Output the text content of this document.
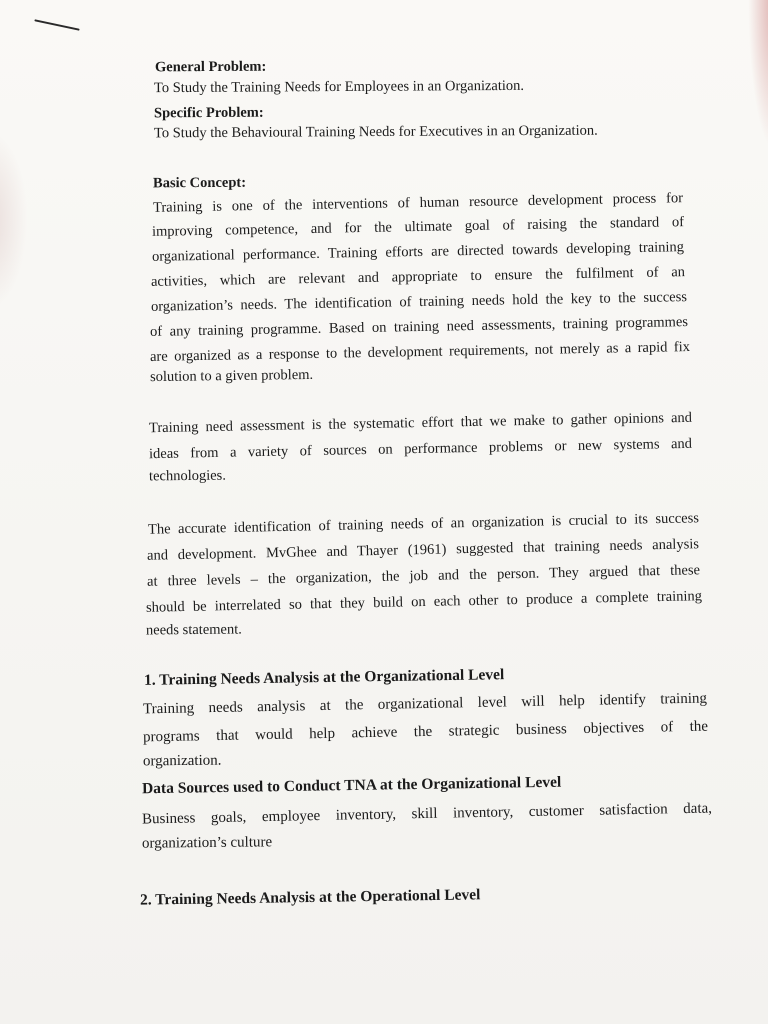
General Problem:
To Study the Training Needs for Employees in an Organization.
Specific Problem:
To Study the Behavioural Training Needs for Executives in an Organization.
Basic Concept:
Training is one of the interventions of human resource development process for
improving competence, and for the ultimate goal of raising the standard of
organizational performance. Training efforts are directed towards developing training
activities, which are relevant and appropriate to ensure the fulfilment of an
organization’s needs. The identification of training needs hold the key to the success
of any training programme. Based on training need assessments, training programmes
are organized as a response to the development requirements, not merely as a rapid fix
solution to a given problem.
Training need assessment is the systematic effort that we make to gather opinions and
ideas from a variety of sources on performance problems or new systems and
technologies.
The accurate identification of training needs of an organization is crucial to its success
and development. MvGhee and Thayer (1961) suggested that training needs analysis
at three levels – the organization, the job and the person. They argued that these
should be interrelated so that they build on each other to produce a complete training
needs statement.
1. Training Needs Analysis at the Organizational Level
Training needs analysis at the organizational level will help identify training
programs that would help achieve the strategic business objectives of the
organization.
Data Sources used to Conduct TNA at the Organizational Level
Business goals, employee inventory, skill inventory, customer satisfaction data,
organization’s culture
2. Training Needs Analysis at the Operational Level
